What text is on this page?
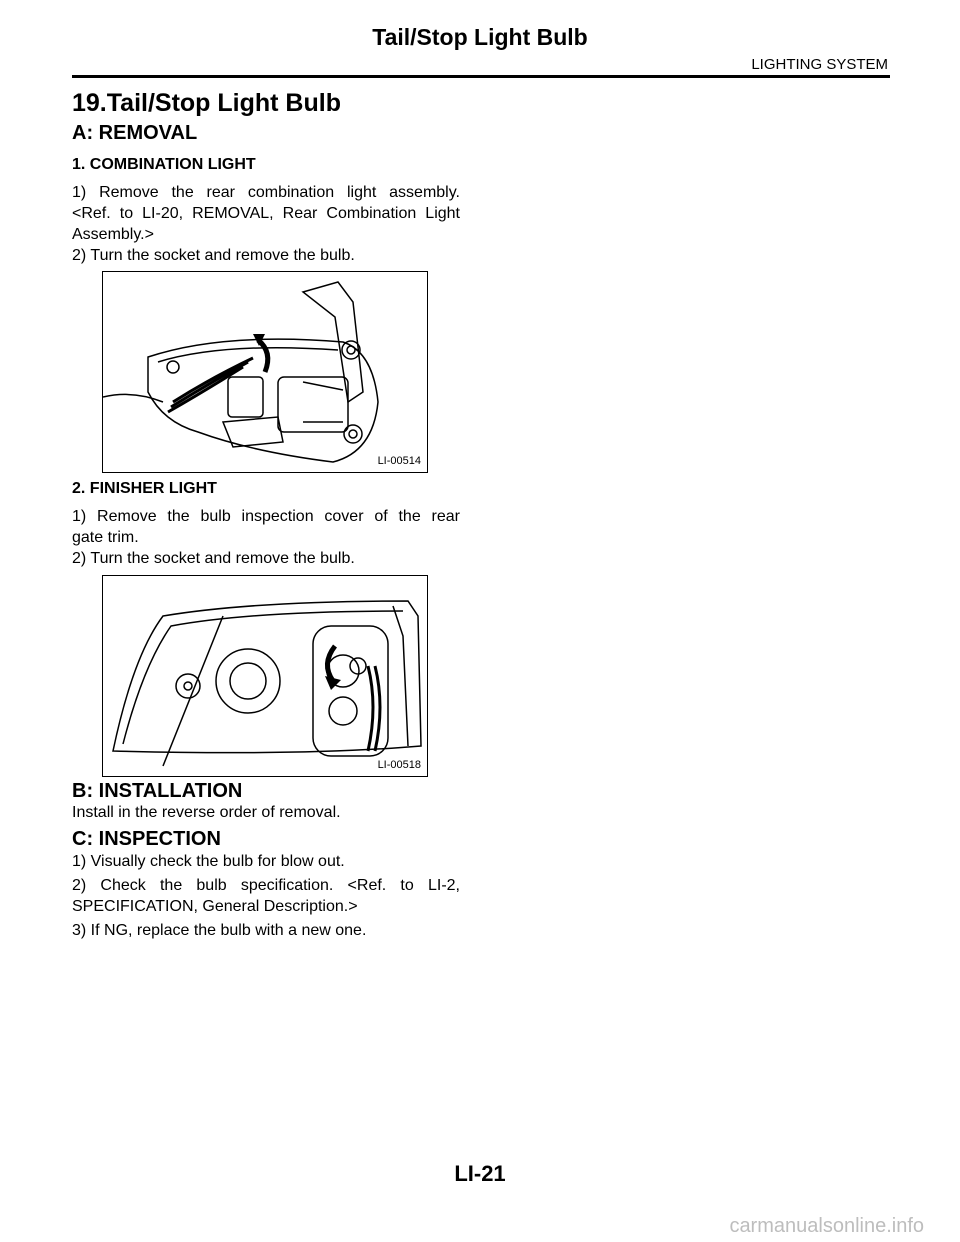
Tail/Stop Light Bulb
LIGHTING SYSTEM
19.Tail/Stop Light Bulb
A: REMOVAL
1. COMBINATION LIGHT
1) Remove the rear combination light assembly.
<Ref. to LI-20, REMOVAL, Rear Combination Light
Assembly.>
2) Turn the socket and remove the bulb.
LI-00514
2. FINISHER LIGHT
1) Remove the bulb inspection cover of the rear
gate trim.
2) Turn the socket and remove the bulb.
LI-00518
B: INSTALLATION
Install in the reverse order of removal.
C: INSPECTION
1) Visually check the bulb for blow out.
2) Check the bulb specification. <Ref. to LI-2,
SPECIFICATION, General Description.>
3) If NG, replace the bulb with a new one.
LI-21
carmanualsonline.info
